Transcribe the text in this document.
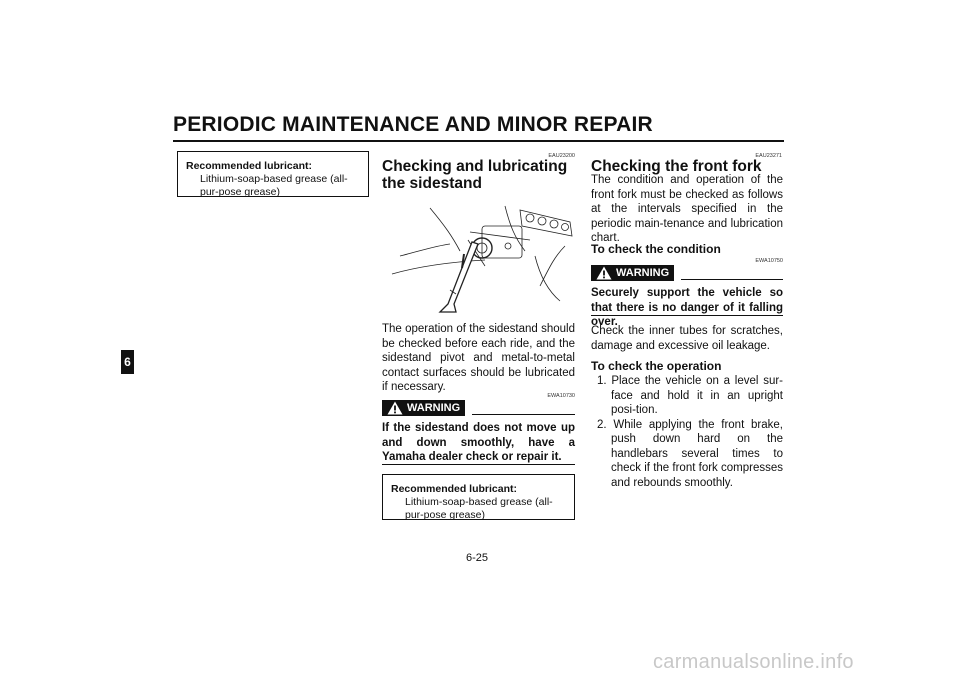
PERIODIC MAINTENANCE AND MINOR REPAIR
6
Recommended lubricant:
Lithium-soap-based grease (all-pur-pose grease)
EAU23200
Checking and lubricating the sidestand
The operation of the sidestand should be checked before each ride, and the sidestand pivot and metal-to-metal contact surfaces should be lubricated if necessary.
EWA10730
WARNING
If the sidestand does not move up and down smoothly, have a Yamaha dealer check or repair it.
Recommended lubricant:
Lithium-soap-based grease (all-pur-pose grease)
EAU23271
Checking the front fork
The condition and operation of the front fork must be checked as follows at the intervals specified in the periodic main-tenance and lubrication chart.
To check the condition
EWA10750
WARNING
Securely support the vehicle so that there is no danger of it falling over.
Check the inner tubes for scratches, damage and excessive oil leakage.
To check the operation
1. Place the vehicle on a level sur-face and hold it in an upright posi-tion.
2. While applying the front brake, push down hard on the handlebars several times to check if the front fork compresses and rebounds smoothly.
6-25
carmanualsonline.info
